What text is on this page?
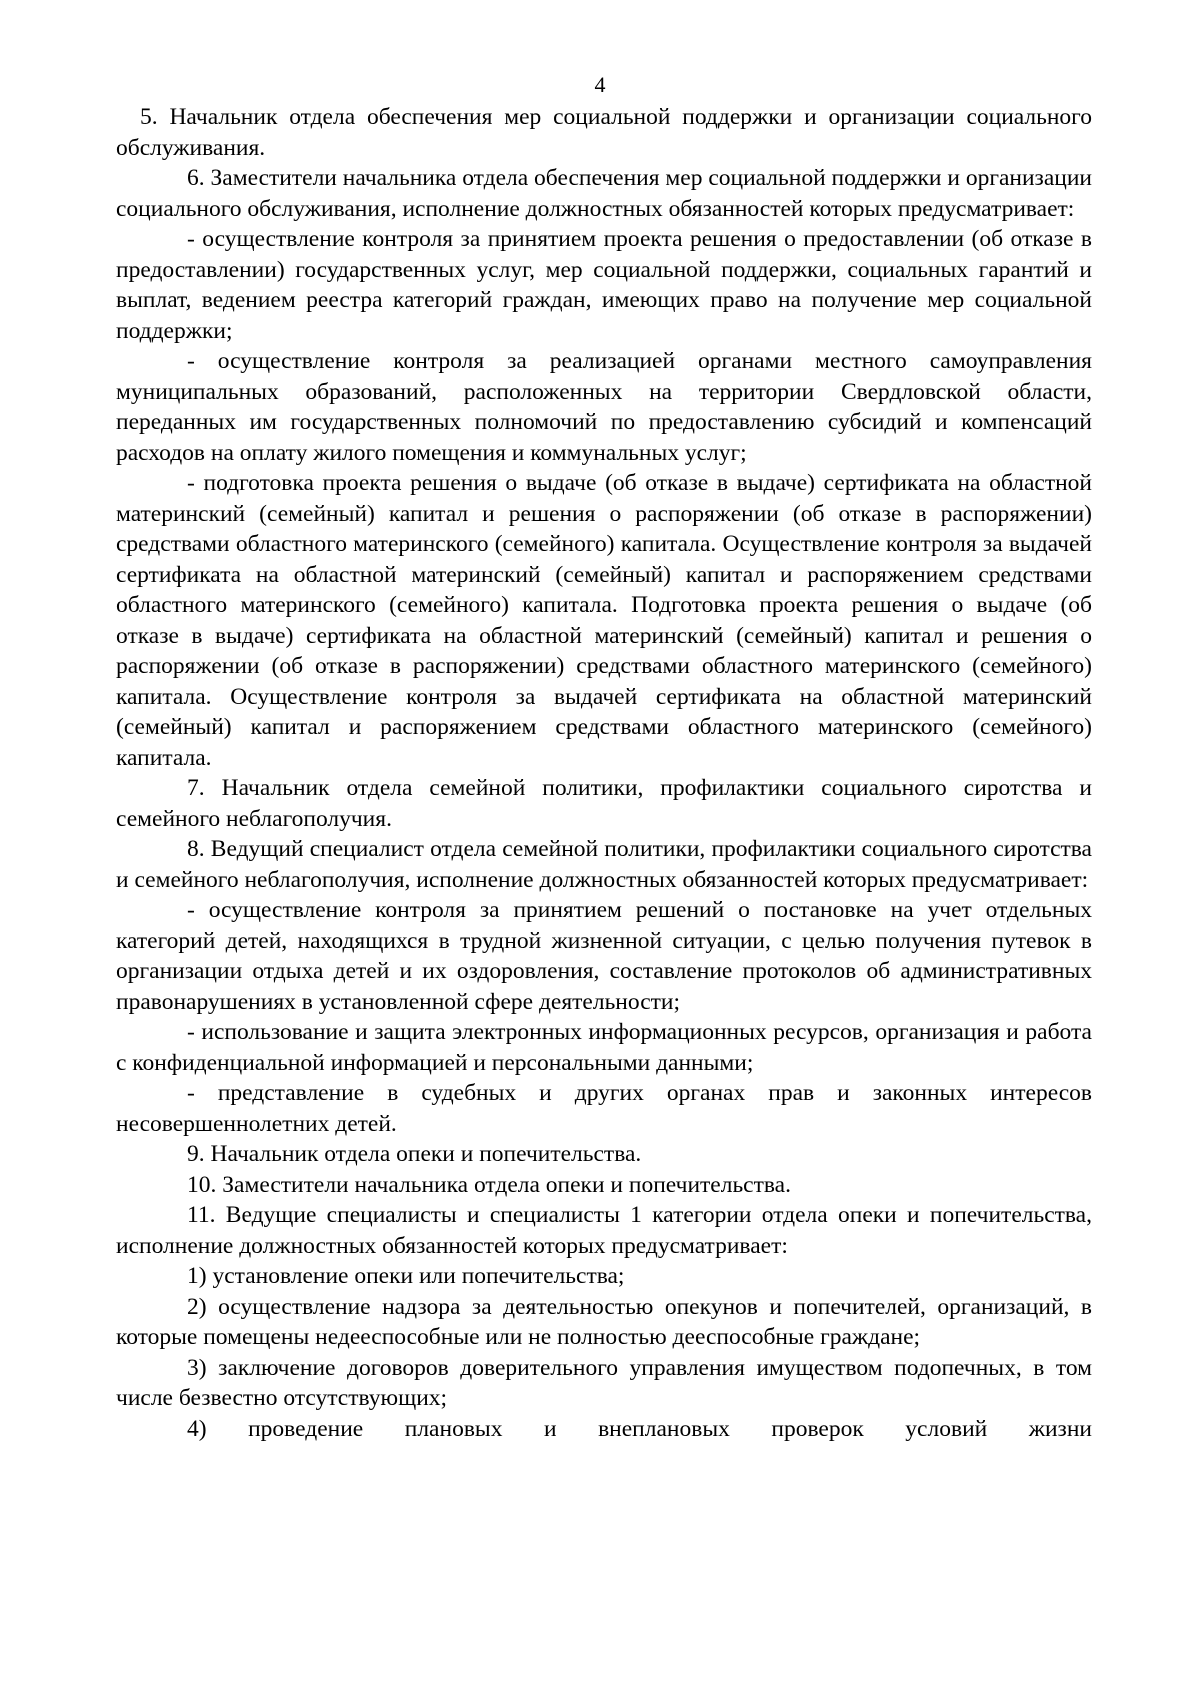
4

5. Начальник отдела обеспечения мер социальной поддержки и организации социального обслуживания.

6. Заместители начальника отдела обеспечения мер социальной поддержки и организации социального обслуживания, исполнение должностных обязанностей которых предусматривает:

- осуществление контроля за принятием проекта решения о предоставлении (об отказе в предоставлении) государственных услуг, мер социальной поддержки, социальных гарантий и выплат, ведением реестра категорий граждан, имеющих право на получение мер социальной поддержки;

- осуществление контроля за реализацией органами местного самоуправления муниципальных образований, расположенных на территории Свердловской области, переданных им государственных полномочий по предоставлению субсидий и компенсаций расходов на оплату жилого помещения и коммунальных услуг;

- подготовка проекта решения о выдаче (об отказе в выдаче) сертификата на областной материнский (семейный) капитал и решения о распоряжении (об отказе в распоряжении) средствами областного материнского (семейного) капитала. Осуществление контроля за выдачей сертификата на областной материнский (семейный) капитал и распоряжением средствами областного материнского (семейного) капитала. Подготовка проекта решения о выдаче (об отказе в выдаче) сертификата на областной материнский (семейный) капитал и решения о распоряжении (об отказе в распоряжении) средствами областного материнского (семейного) капитала. Осуществление контроля за выдачей сертификата на областной материнский (семейный) капитал и распоряжением средствами областного материнского (семейного) капитала.

7. Начальник отдела семейной политики, профилактики социального сиротства и семейного неблагополучия.

8. Ведущий специалист отдела семейной политики, профилактики социального сиротства и семейного неблагополучия, исполнение должностных обязанностей которых предусматривает:

- осуществление контроля за принятием решений о постановке на учет отдельных категорий детей, находящихся в трудной жизненной ситуации, с целью получения путевок в организации отдыха детей и их оздоровления, составление протоколов об административных правонарушениях в установленной сфере деятельности;

- использование и защита электронных информационных ресурсов, организация и работа с конфиденциальной информацией и персональными данными;

- представление в судебных и других органах прав и законных интересов несовершеннолетних детей.

9. Начальник отдела опеки и попечительства.

10. Заместители начальника отдела опеки и попечительства.

11. Ведущие специалисты и специалисты 1 категории отдела опеки и попечительства, исполнение должностных обязанностей которых предусматривает:

1) установление опеки или попечительства;

2) осуществление надзора за деятельностью опекунов и попечителей, организаций, в которые помещены недееспособные или не полностью дееспособные граждане;

3) заключение договоров доверительного управления имуществом подопечных, в том числе безвестно отсутствующих;

4) проведение плановых и внеплановых проверок условий жизни
